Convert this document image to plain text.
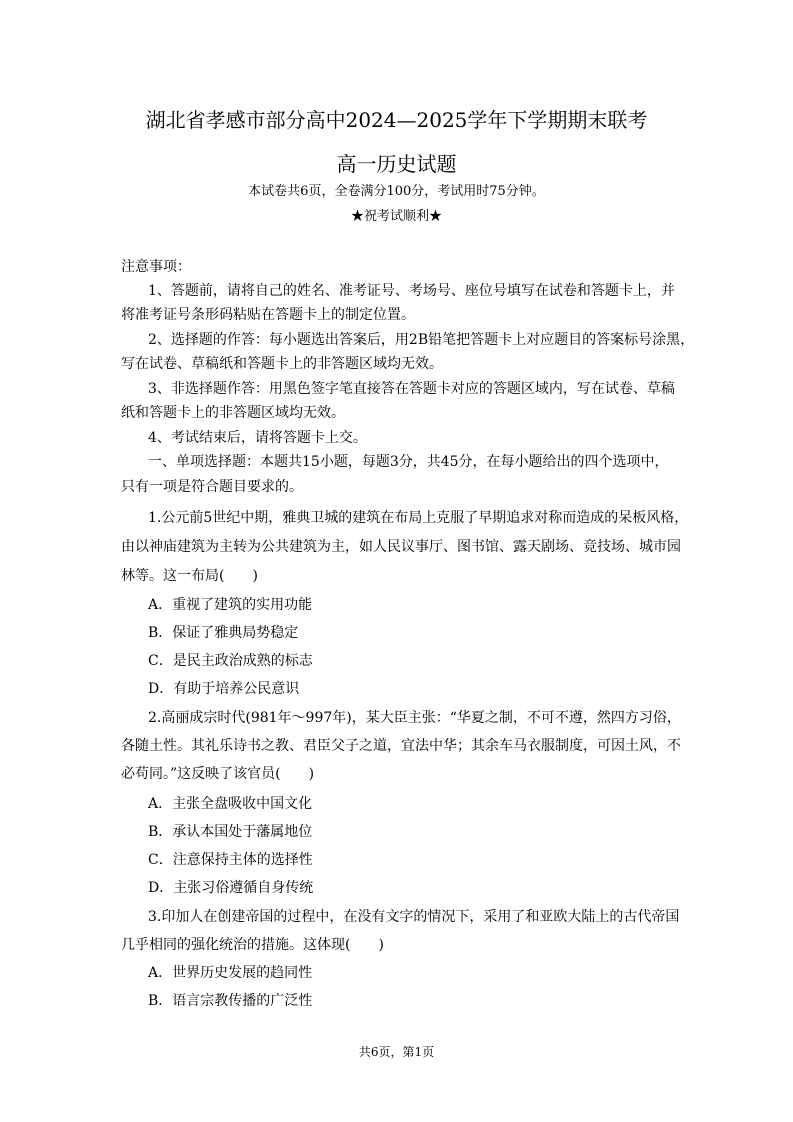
湖北省孝感市部分高中2024—2025学年下学期期末联考
高一历史试题
本试卷共6页，全卷满分100分，考试用时75分钟。
★祝考试顺利★
注意事项：
1、答题前，请将自己的姓名、准考证号、考场号、座位号填写在试卷和答题卡上，并
将准考证号条形码粘贴在答题卡上的制定位置。
2、选择题的作答：每小题选出答案后，用2B铅笔把答题卡上对应题目的答案标号涂黑，
写在试卷、草稿纸和答题卡上的非答题区域均无效。
3、非选择题作答：用黑色签字笔直接答在答题卡对应的答题区域内，写在试卷、草稿
纸和答题卡上的非答题区域均无效。
4、考试结束后，请将答题卡上交。
一、单项选择题：本题共15小题，每题3分，共45分，在每小题给出的四个选项中，
只有一项是符合题目要求的。
1.公元前5世纪中期，雅典卫城的建筑在布局上克服了早期追求对称而造成的呆板风格，
由以神庙建筑为主转为公共建筑为主，如人民议事厅、图书馆、露天剧场、竞技场、城市园
林等。这一布局(　　)
A．重视了建筑的实用功能
B．保证了雅典局势稳定
C．是民主政治成熟的标志
D．有助于培养公民意识
2.高丽成宗时代(981年～997年)，某大臣主张：“华夏之制，不可不遵，然四方习俗，
各随土性。其礼乐诗书之教、君臣父子之道，宜法中华；其余车马衣服制度，可因土风，不
必苟同。”这反映了该官员(　　)
A．主张全盘吸收中国文化
B．承认本国处于藩属地位
C．注意保持主体的选择性
D．主张习俗遵循自身传统
3.印加人在创建帝国的过程中，在没有文字的情况下，采用了和亚欧大陆上的古代帝国
几乎相同的强化统治的措施。这体现(　　)
A．世界历史发展的趋同性
B．语言宗教传播的广泛性
共6页，第1页
